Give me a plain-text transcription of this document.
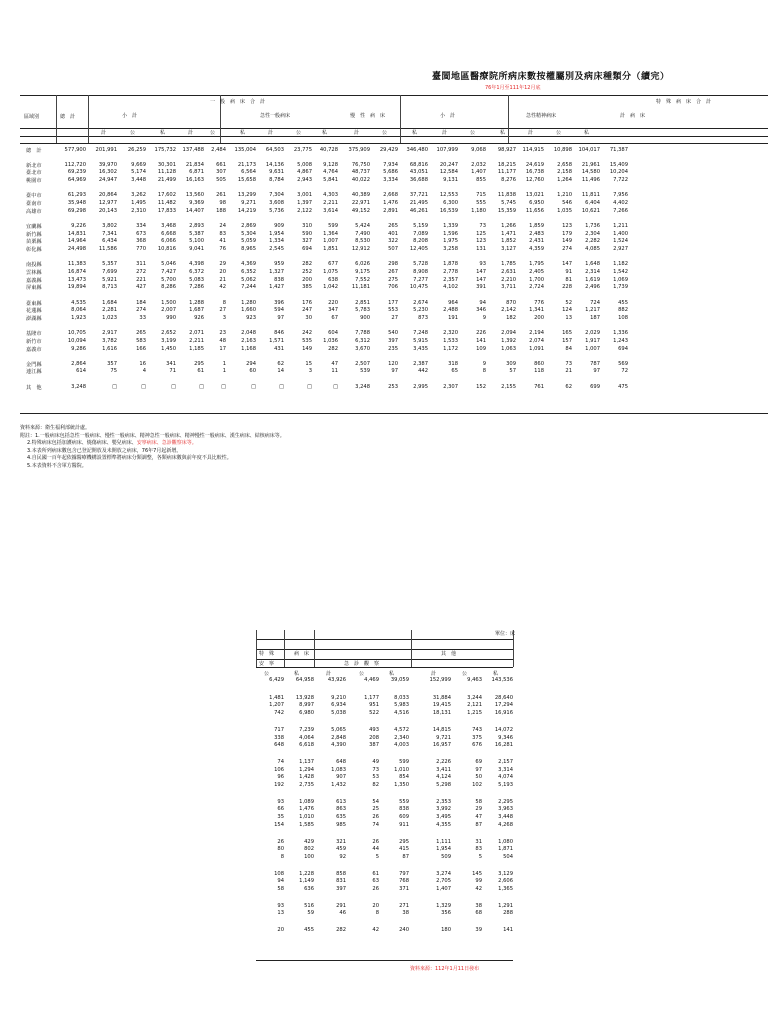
臺閩地區醫療院所病床數按權屬別及病床種類分（續完）
76年1月至111年12月底
區域別	總　計
一　般　病　床　合　計	特　殊　病　床　合　計
小　計
　	急性一般病床	慢　性　病　床	小　計	急性精神病床	計　病　床
計	公	私	計	公	私	計	公	私	計	公	私	計	公	私	計	公	私
總　計	577,900	201,991	26,259	175,732	137,488	2,484	135,004	64,503	23,775	40,728	375,909	29,429	346,480	107,999	9,068	98,927	114,915	10,898	104,017	71,387
新北市	112,720	39,970	9,669	30,301	21,834	661	21,173	14,136	5,008	9,128	76,750	7,934	68,816	20,247	2,032	18,215	24,619	2,658	21,961	15,409
臺北市	69,239	16,302	5,174	11,128	6,871	307	6,564	9,631	4,867	4,764	48,737	5,686	43,051	12,584	1,407	11,177	16,738	2,158	14,580	10,204
桃園市	64,969	24,947	3,448	21,499	16,163	505	15,658	8,784	2,943	5,841	40,022	3,334	36,688	9,131	855	8,276	12,760	1,264	11,496	7,722
臺中市	61,293	20,864	3,262	17,602	13,560	261	13,299	7,304	3,001	4,303	40,389	2,668	37,721	12,553	715	11,838	13,021	1,210	11,811	7,956
臺南市	35,948	12,977	1,495	11,482	9,369	98	9,271	3,608	1,397	2,211	22,971	1,476	21,495	6,300	555	5,745	6,950	546	6,404	4,402
高雄市	69,298	20,143	2,310	17,833	14,407	188	14,219	5,736	2,122	3,614	49,152	2,891	46,261	16,539	1,180	15,359	11,656	1,035	10,621	7,266
宜蘭縣	9,226	3,802	334	3,468	2,893	24	2,869	909	310	599	5,424	265	5,159	1,339	73	1,266	1,859	123	1,736	1,211
新竹縣	14,831	7,341	673	6,668	5,387	83	5,304	1,954	590	1,364	7,490	401	7,089	1,596	125	1,471	2,483	179	2,304	1,400
苗栗縣	14,964	6,434	368	6,066	5,100	41	5,059	1,334	327	1,007	8,530	322	8,208	1,975	123	1,852	2,431	149	2,282	1,524
彰化縣	24,498	11,586	770	10,816	9,041	76	8,965	2,545	694	1,851	12,912	507	12,405	3,258	131	3,127	4,359	274	4,085	2,927
南投縣	11,383	5,357	311	5,046	4,398	29	4,369	959	282	677	6,026	298	5,728	1,878	93	1,785	1,795	147	1,648	1,182
雲林縣	16,874	7,699	272	7,427	6,372	20	6,352	1,327	252	1,075	9,175	267	8,908	2,778	147	2,631	2,405	91	2,314	1,542
嘉義縣	13,473	5,921	221	5,700	5,083	21	5,062	838	200	638	7,552	275	7,277	2,357	147	2,210	1,700	81	1,619	1,069
屏東縣	19,894	8,713	427	8,286	7,286	42	7,244	1,427	385	1,042	11,181	706	10,475	4,102	391	3,711	2,724	228	2,496	1,739
臺東縣	4,535	1,684	184	1,500	1,288	8	1,280	396	176	220	2,851	177	2,674	964	94	870	776	52	724	455
花蓮縣	8,064	2,281	274	2,007	1,687	27	1,660	594	247	347	5,783	553	5,230	2,488	346	2,142	1,341	124	1,217	882
澎湖縣	1,923	1,023	33	990	926	3	923	97	30	67	900	27	873	191	9	182	200	13	187	108
基隆市	10,705	2,917	265	2,652	2,071	23	2,048	846	242	604	7,788	540	7,248	2,320	226	2,094	2,194	165	2,029	1,336
新竹市	10,094	3,782	583	3,199	2,211	48	2,163	1,571	535	1,036	6,312	397	5,915	1,533	141	1,392	2,074	157	1,917	1,243
嘉義市	9,286	1,616	166	1,450	1,185	17	1,168	431	149	282	3,670	235	3,435	1,172	109	1,063	1,091	84	1,007	694
金門縣	2,864	357	16	341	295	1	294	62	15	47	2,507	120	2,387	318	9	309	860	73	787	569
連江縣	614	75	4	71	61	1	60	14	3	11	539	97	442	65	8	57	118	21	97	72
其　他	3,248	□	□	□	□	□	□	□	□	□	3,248	253	2,995	2,307	152	2,155	761	62	699	475
資料來源：衛生福利部統計處。
附註：1.一般病床包括急性一般病床、慢性一般病床、精神急性一般病床、精神慢性一般病床、漢生病床、結核病床等。
2.特殊病床包括加護病床、燒傷病床、嬰兒病床、安寧病床、急診觀察床等。
3.本表所列病床數包含已登記開放及未開放之病床，76年7月起新增。
4.自民國一百年起依據醫療機構設置標準將病床分類調整，各類病床數與前年度不具比較性。
5.本表資料不含軍方醫院。
單位：床
特　殊	病　床
安　寧	急　診　觀　察
其　他
公	私	計	公	私	計	公	私
6,429	64,958	43,926	4,469	39,059	152,999	9,463	143,536
1,481	13,928	9,210	1,177	8,033	31,884	3,244	28,640
1,207	8,997	6,934	951	5,983	19,415	2,121	17,294
742	6,980	5,038	522	4,516	18,131	1,215	16,916
717	7,239	5,065	493	4,572	14,815	743	14,072
338	4,064	2,848	208	2,340	9,721	375	9,346
648	6,618	4,390	387	4,003	16,957	676	16,281
74	1,137	648	49	599	2,226	69	2,157
106	1,294	1,083	73	1,010	3,411	97	3,314
96	1,428	907	53	854	4,124	50	4,074
192	2,735	1,432	82	1,350	5,298	102	5,193
93	1,089	613	54	559	2,353	58	2,295
66	1,476	863	25	838	3,992	29	3,963
35	1,010	635	26	609	3,495	47	3,448
154	1,585	985	74	911	4,355	87	4,268
26	429	321	26	295	1,111	31	1,080
80	802	459	44	415	1,954	83	1,871
8	100	92	5	87	509	5	504
108	1,228	858	61	797	3,274	145	3,129
94	1,149	831	63	768	2,705	99	2,606
58	636	397	26	371	1,407	42	1,365
93	516	291	20	271	1,329	38	1,291
13	59	46	8	38	356	68	288
20	455	282	42	240	180	39	141
資料來源：112年1月11日發布
